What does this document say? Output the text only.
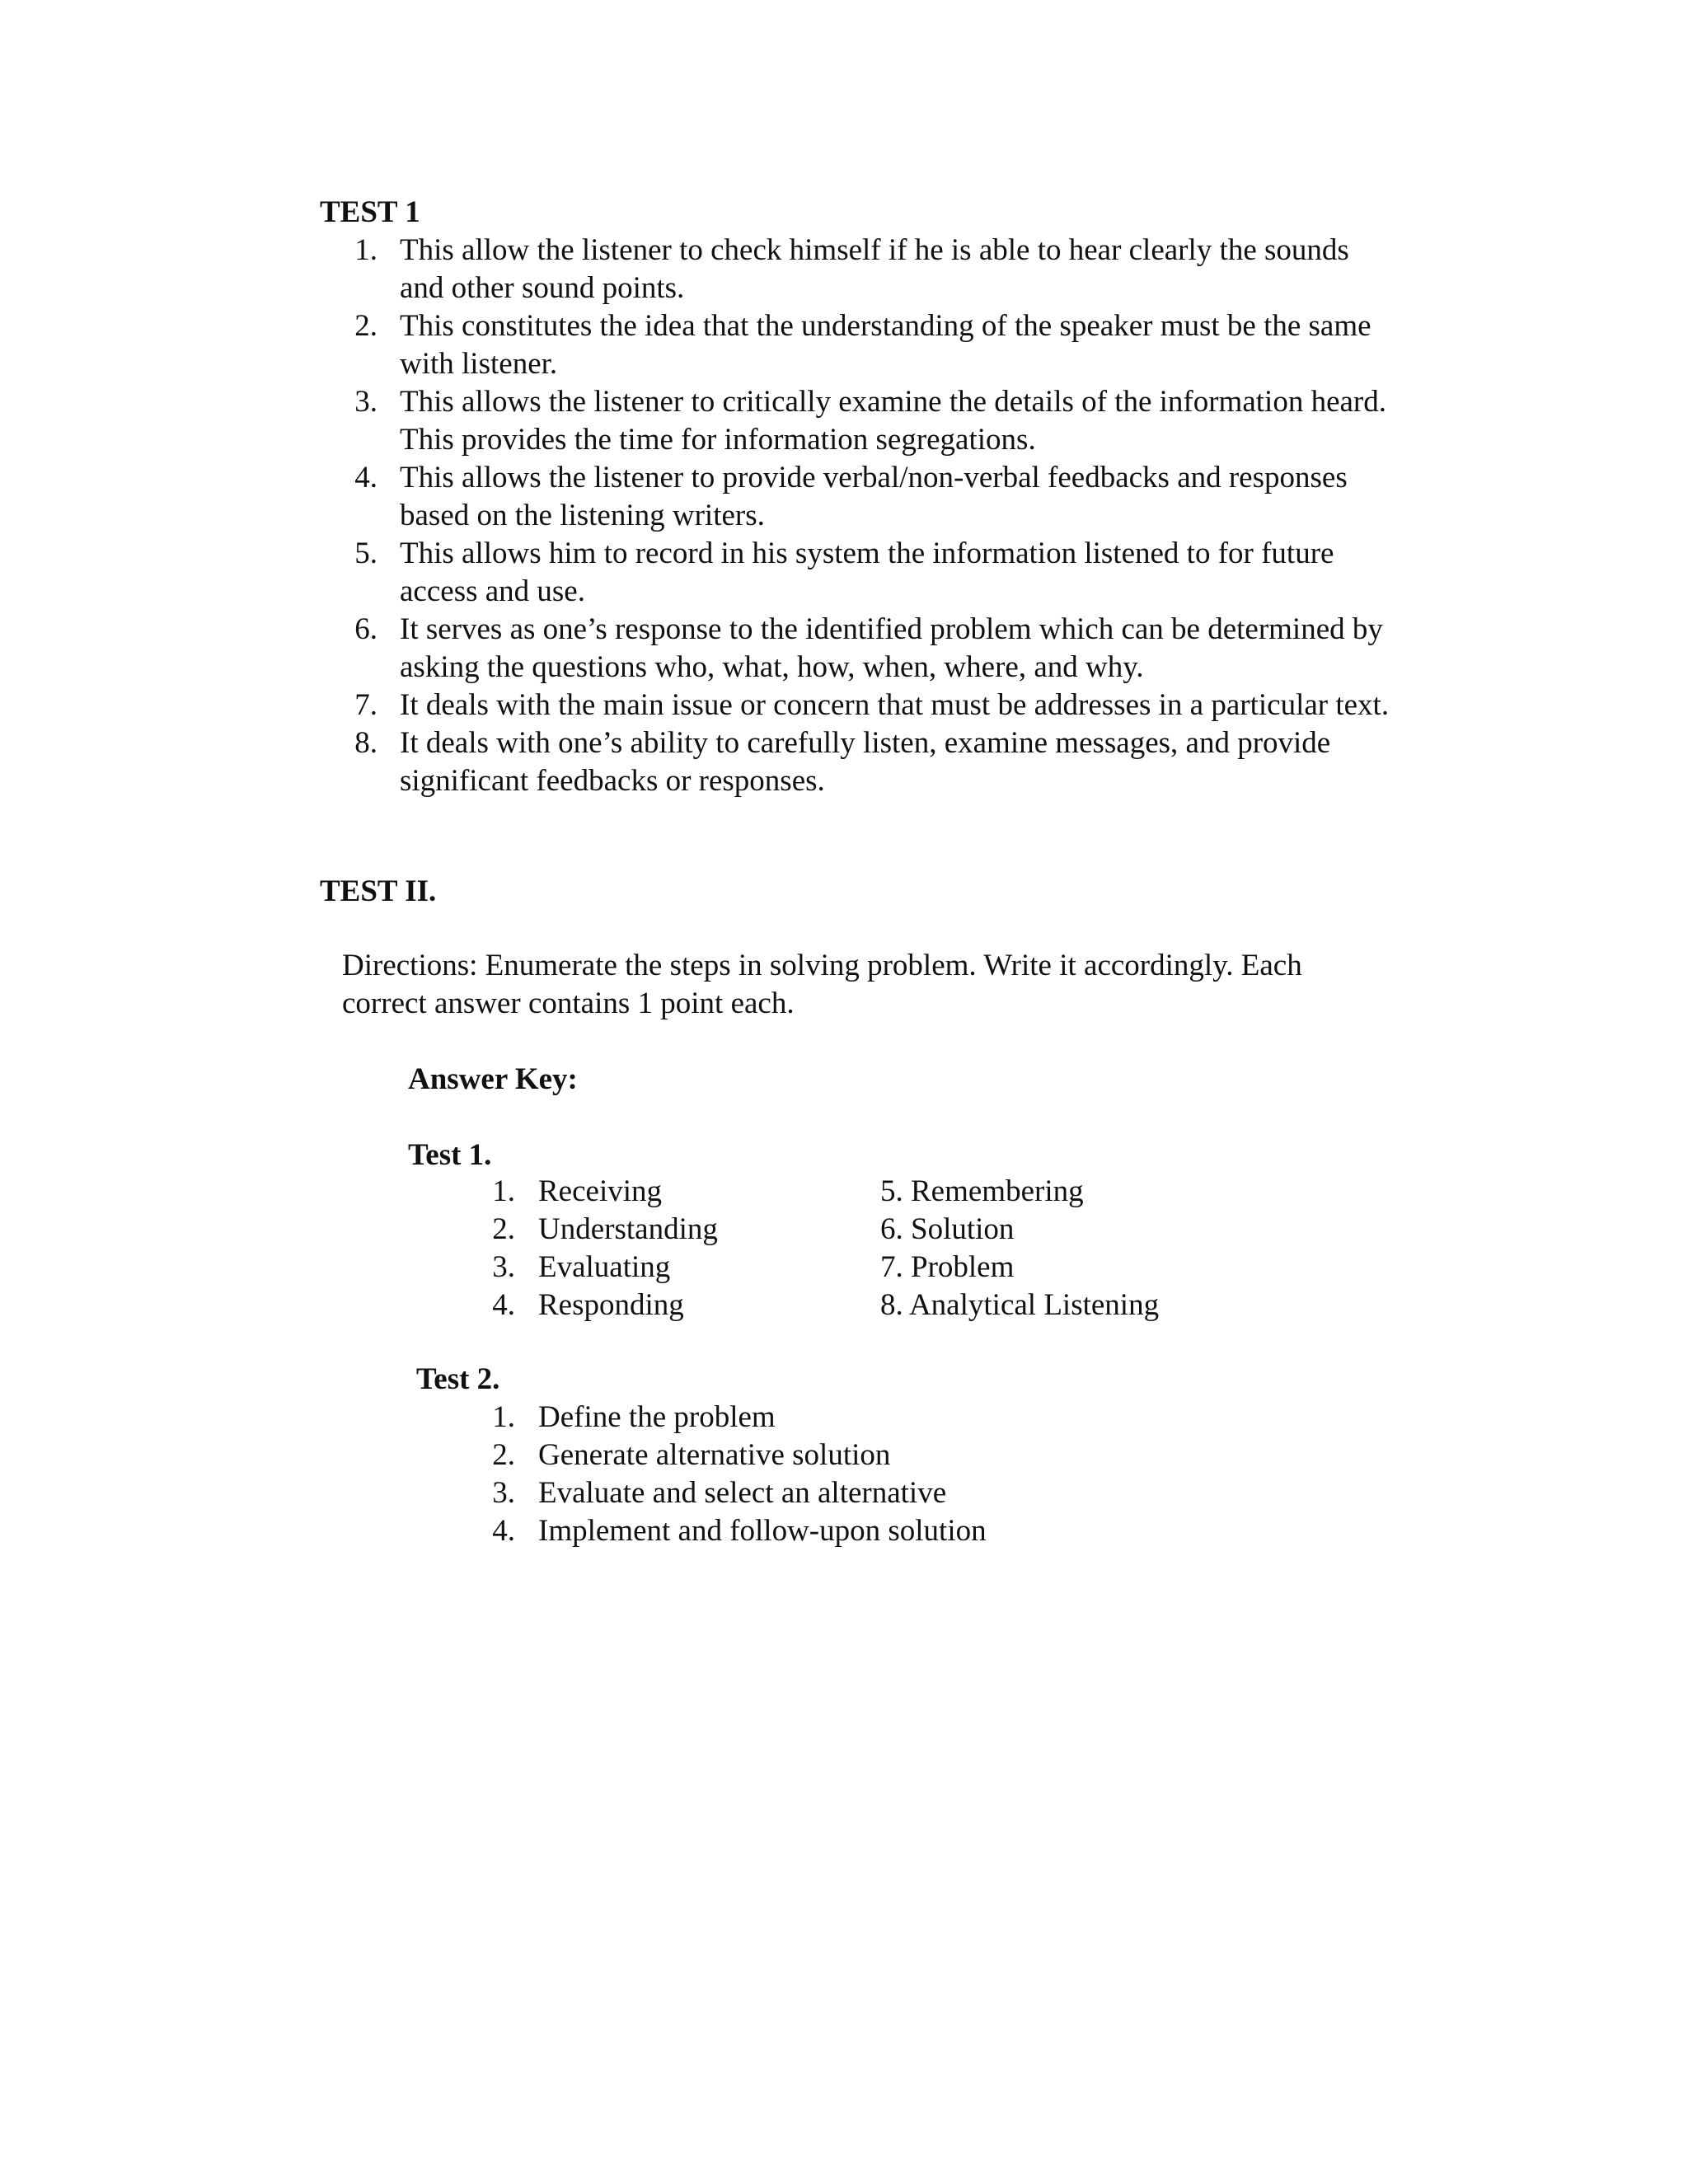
TEST 1
1. This allow the listener to check himself if he is able to hear clearly the sounds
and other sound points.
2. This constitutes the idea that the understanding of the speaker must be the same
with listener.
3. This allows the listener to critically examine the details of the information heard.
This provides the time for information segregations.
4. This allows the listener to provide verbal/non-verbal feedbacks and responses
based on the listening writers.
5. This allows him to record in his system the information listened to for future
access and use.
6. It serves as one’s response to the identified problem which can be determined by
asking the questions who, what, how, when, where, and why.
7. It deals with the main issue or concern that must be addresses in a particular text.
8. It deals with one’s ability to carefully listen, examine messages, and provide
significant feedbacks or responses.
TEST II.
Directions: Enumerate the steps in solving problem. Write it accordingly. Each
correct answer contains 1 point each.
Answer Key:
Test 1.
1. Receiving
2. Understanding
3. Evaluating
4. Responding
5. Remembering
6. Solution
7. Problem
8. Analytical Listening
Test 2.
1. Define the problem
2. Generate alternative solution
3. Evaluate and select an alternative
4. Implement and follow-upon solution
